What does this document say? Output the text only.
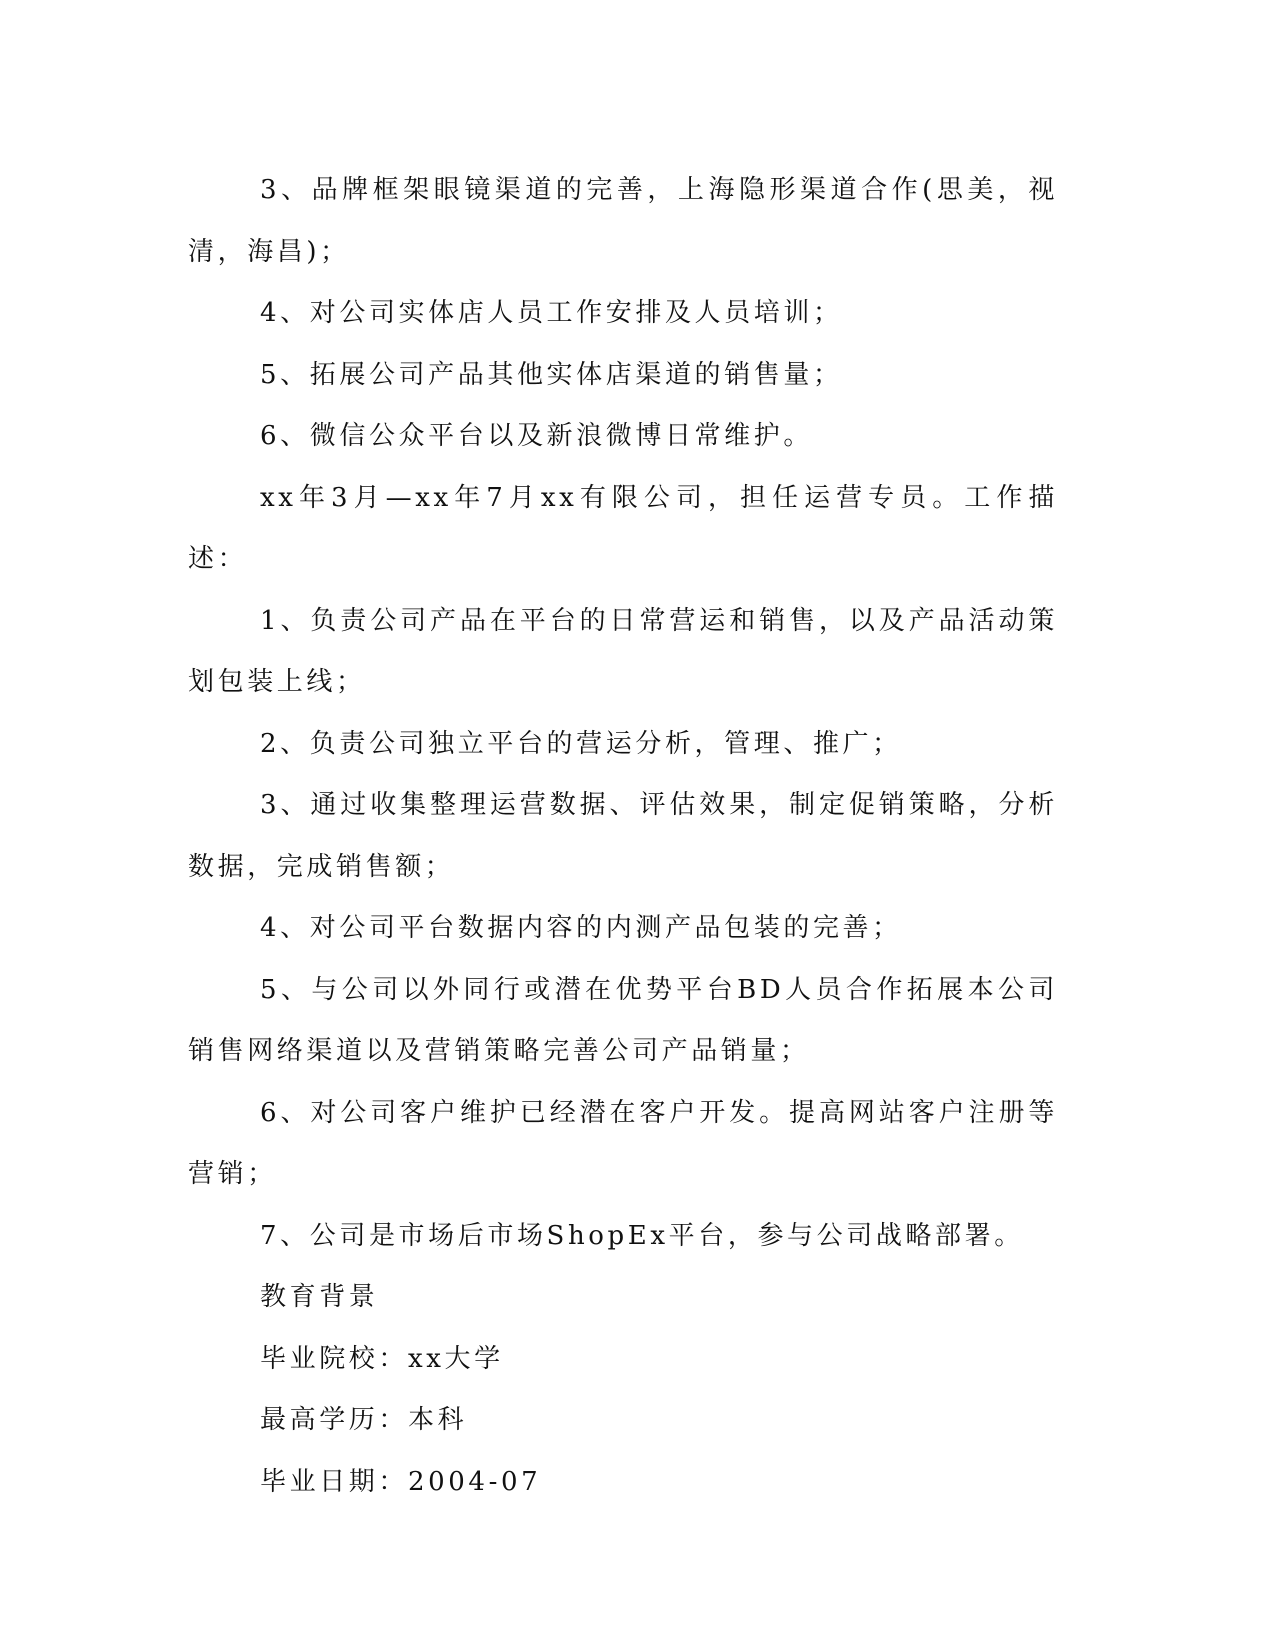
3、品牌框架眼镜渠道的完善，上海隐形渠道合作(思美，视清，海昌)；

4、对公司实体店人员工作安排及人员培训；

5、拓展公司产品其他实体店渠道的销售量；

6、微信公众平台以及新浪微博日常维护。

xx年3月—xx年7月xx有限公司，担任运营专员。工作描述：

1、负责公司产品在平台的日常营运和销售，以及产品活动策划包装上线；

2、负责公司独立平台的营运分析，管理、推广；

3、通过收集整理运营数据、评估效果，制定促销策略，分析数据，完成销售额；

4、对公司平台数据内容的内测产品包装的完善；

5、与公司以外同行或潜在优势平台BD人员合作拓展本公司销售网络渠道以及营销策略完善公司产品销量；

6、对公司客户维护已经潜在客户开发。提高网站客户注册等营销；

7、公司是市场后市场ShopEx平台，参与公司战略部署。

教育背景

毕业院校：xx大学

最高学历：本科

毕业日期：2004-07
